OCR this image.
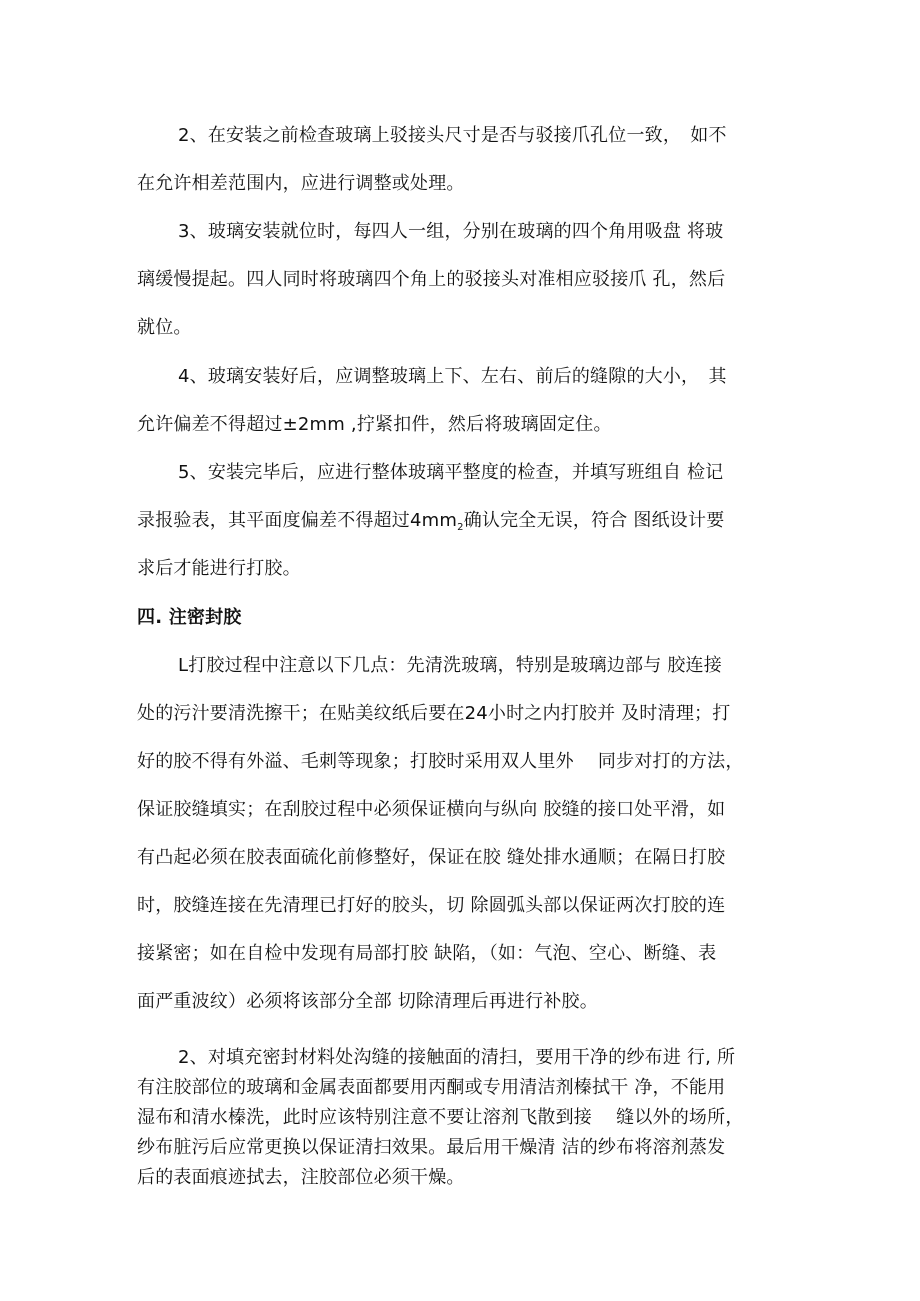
2、在安装之前检查玻璃上驳接头尺寸是否与驳接爪孔位一致，　如不
在允许相差范围内，应进行调整或处理。
3、玻璃安装就位时，每四人一组，分别在玻璃的四个角用吸盘 将玻
璃缓慢提起。四人同时将玻璃四个角上的驳接头对准相应驳接爪 孔，然后
就位。
4、玻璃安装好后，应调整玻璃上下、左右、前后的缝隙的大小，　其
允许偏差不得超过±2mm ,拧紧扣件，然后将玻璃固定住。
5、安装完毕后，应进行整体玻璃平整度的检查，并填写班组自 检记
录报验表，其平面度偏差不得超过$4mm_2$确认完全无误，符合 图纸设计要
求后才能进行打胶。
四. 注密封胶
L打胶过程中注意以下几点：先清洗玻璃，特别是玻璃边部与 胶连接
处的污汁要清洗擦干；在贴美纹纸后要在24小时之内打胶并 及时清理；打
好的胶不得有外溢、毛刺等现象；打胶时采用双人里外　 同步对打的方法，
保证胶缝填实；在刮胶过程中必须保证横向与纵向 胶缝的接口处平滑，如
有凸起必须在胶表面硫化前修整好，保证在胶 缝处排水通顺；在隔日打胶
时，胶缝连接在先清理已打好的胶头，切 除圆弧头部以保证两次打胶的连
接紧密；如在自检中发现有局部打胶 缺陷，（如：气泡、空心、断缝、表
面严重波纹）必须将该部分全部 切除清理后再进行补胶。
2、对填充密封材料处沟缝的接触面的清扫，要用干净的纱布进 行, 所
有注胶部位的玻璃和金属表面都要用丙酮或专用清洁剂榛拭干 净，不能用
湿布和清水榛洗，此时应该特别注意不要让溶剂飞散到接　 缝以外的场所，
纱布脏污后应常更换以保证清扫效果。最后用干燥清 洁的纱布将溶剂蒸发
后的表面痕迹拭去，注胶部位必须干燥。
